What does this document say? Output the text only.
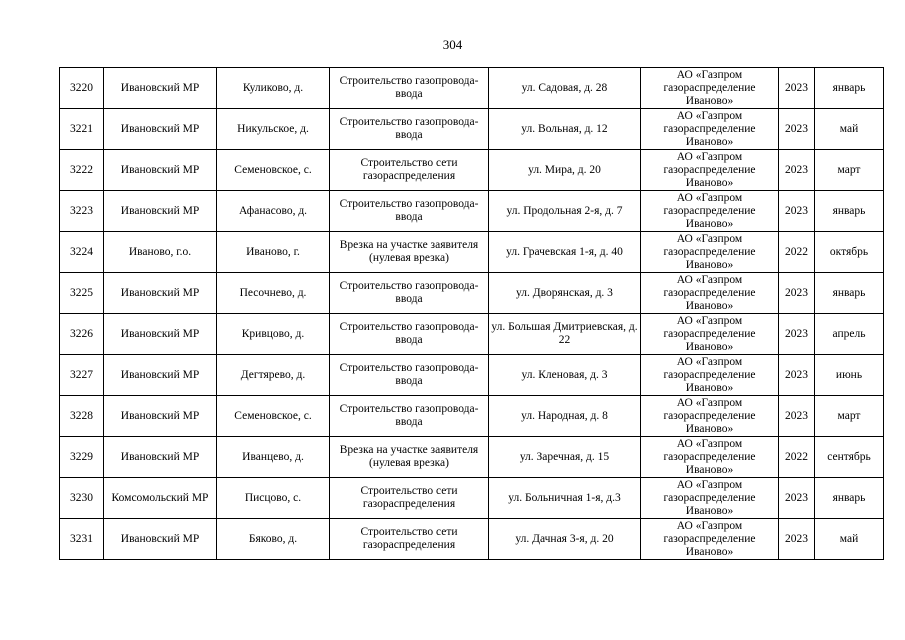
304
3220	Ивановский МР	Куликово, д.	Строительство газопровода-ввода	ул. Садовая, д. 28	АО «Газпром газораспределение Иваново»	2023	январь
3221	Ивановский МР	Никульское, д.	Строительство газопровода-ввода	ул. Вольная, д. 12	АО «Газпром газораспределение Иваново»	2023	май
3222	Ивановский МР	Семеновское, с.	Строительство сети газораспределения	ул. Мира, д. 20	АО «Газпром газораспределение Иваново»	2023	март
3223	Ивановский МР	Афанасово, д.	Строительство газопровода-ввода	ул. Продольная 2-я, д. 7	АО «Газпром газораспределение Иваново»	2023	январь
3224	Иваново, г.о.	Иваново, г.	Врезка на участке заявителя (нулевая врезка)	ул. Грачевская 1-я, д. 40	АО «Газпром газораспределение Иваново»	2022	октябрь
3225	Ивановский МР	Песочнево, д.	Строительство газопровода-ввода	ул. Дворянская, д. 3	АО «Газпром газораспределение Иваново»	2023	январь
3226	Ивановский МР	Кривцово, д.	Строительство газопровода-ввода	ул. Большая Дмитриевская, д. 22	АО «Газпром газораспределение Иваново»	2023	апрель
3227	Ивановский МР	Дегтярево, д.	Строительство газопровода-ввода	ул. Кленовая, д. 3	АО «Газпром газораспределение Иваново»	2023	июнь
3228	Ивановский МР	Семеновское, с.	Строительство газопровода-ввода	ул. Народная, д. 8	АО «Газпром газораспределение Иваново»	2023	март
3229	Ивановский МР	Иванцево, д.	Врезка на участке заявителя (нулевая врезка)	ул. Заречная, д. 15	АО «Газпром газораспределение Иваново»	2022	сентябрь
3230	Комсомольский МР	Писцово, с.	Строительство сети газораспределения	ул. Больничная 1-я, д.3	АО «Газпром газораспределение Иваново»	2023	январь
3231	Ивановский МР	Бяково, д.	Строительство сети газораспределения	ул. Дачная 3-я, д. 20	АО «Газпром газораспределение Иваново»	2023	май
